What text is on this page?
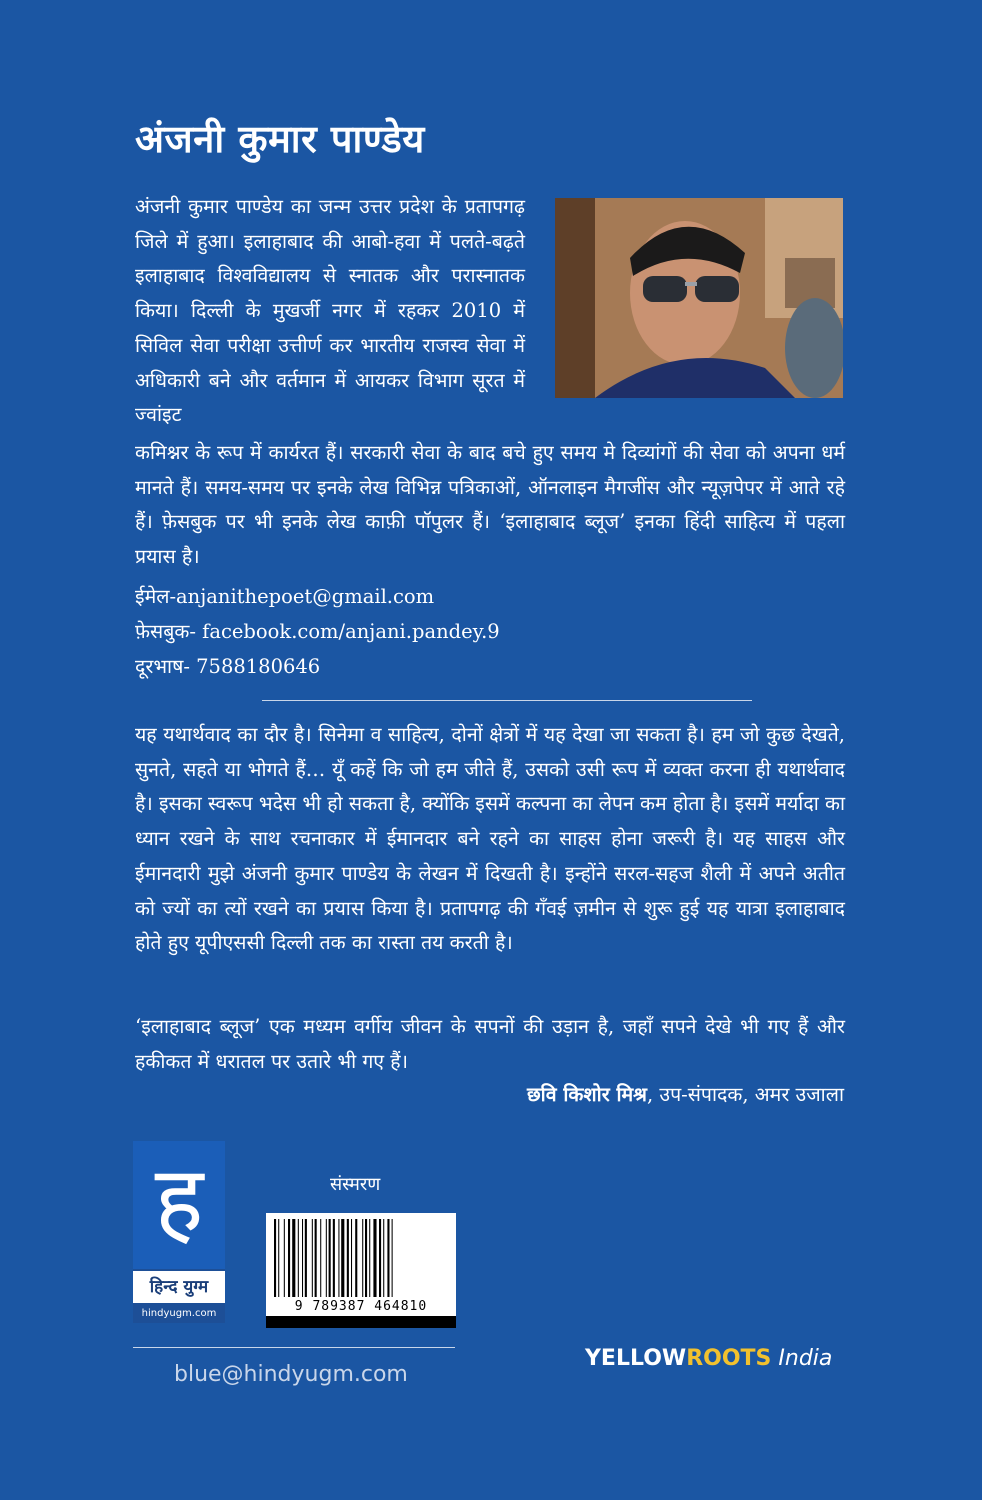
अंजनी कुमार पाण्डेय

अंजनी कुमार पाण्डेय का जन्म उत्तर प्रदेश के प्रतापगढ़ जिले में हुआ। इलाहाबाद की आबो-हवा में पलते-बढ़ते इलाहाबाद विश्वविद्यालय से स्नातक और परास्नातक किया। दिल्ली के मुखर्जी नगर में रहकर 2010 में सिविल सेवा परीक्षा उत्तीर्ण कर भारतीय राजस्व सेवा में अधिकारी बने और वर्तमान में आयकर विभाग सूरत में ज्वांइट

कमिश्नर के रूप में कार्यरत हैं। सरकारी सेवा के बाद बचे हुए समय मे दिव्यांगों की सेवा को अपना धर्म मानते हैं। समय-समय पर इनके लेख विभिन्न पत्रिकाओं, ऑनलाइन मैगजींस और न्यूज़पेपर में आते रहे हैं। फ़ेसबुक पर भी इनके लेख काफ़ी पॉपुलर हैं। ‘इलाहाबाद ब्लूज’ इनका हिंदी साहित्य में पहला प्रयास है।

ईमेल-anjanithepoet@gmail.com
फ़ेसबुक- facebook.com/anjani.pandey.9
दूरभाष- 7588180646

यह यथार्थवाद का दौर है। सिनेमा व साहित्य, दोनों क्षेत्रों में यह देखा जा सकता है। हम जो कुछ देखते, सुनते, सहते या भोगते हैं… यूँ कहें कि जो हम जीते हैं, उसको उसी रूप में व्यक्त करना ही यथार्थवाद है। इसका स्वरूप भदेस भी हो सकता है, क्योंकि इसमें कल्पना का लेपन कम होता है। इसमें मर्यादा का ध्यान रखने के साथ रचनाकार में ईमानदार बने रहने का साहस होना जरूरी है। यह साहस और ईमानदारी मुझे अंजनी कुमार पाण्डेय के लेखन में दिखती है। इन्होंने सरल-सहज शैली में अपने अतीत को ज्यों का त्यों रखने का प्रयास किया है। प्रतापगढ़ की गँवई ज़मीन से शुरू हुई यह यात्रा इलाहाबाद होते हुए यूपीएससी दिल्ली तक का रास्ता तय करती है।

‘इलाहाबाद ब्लूज’ एक मध्यम वर्गीय जीवन के सपनों की उड़ान है, जहाँ सपने देखे भी गए हैं और हकीकत में धरातल पर उतारे भी गए हैं।

छवि किशोर मिश्र, उप-संपादक, अमर उजाला
ह
हिन्द युग्म
hindyugm.com
संस्मरण
9 789387 464810
blue@hindyugm.com
YELLOWROOTS India
